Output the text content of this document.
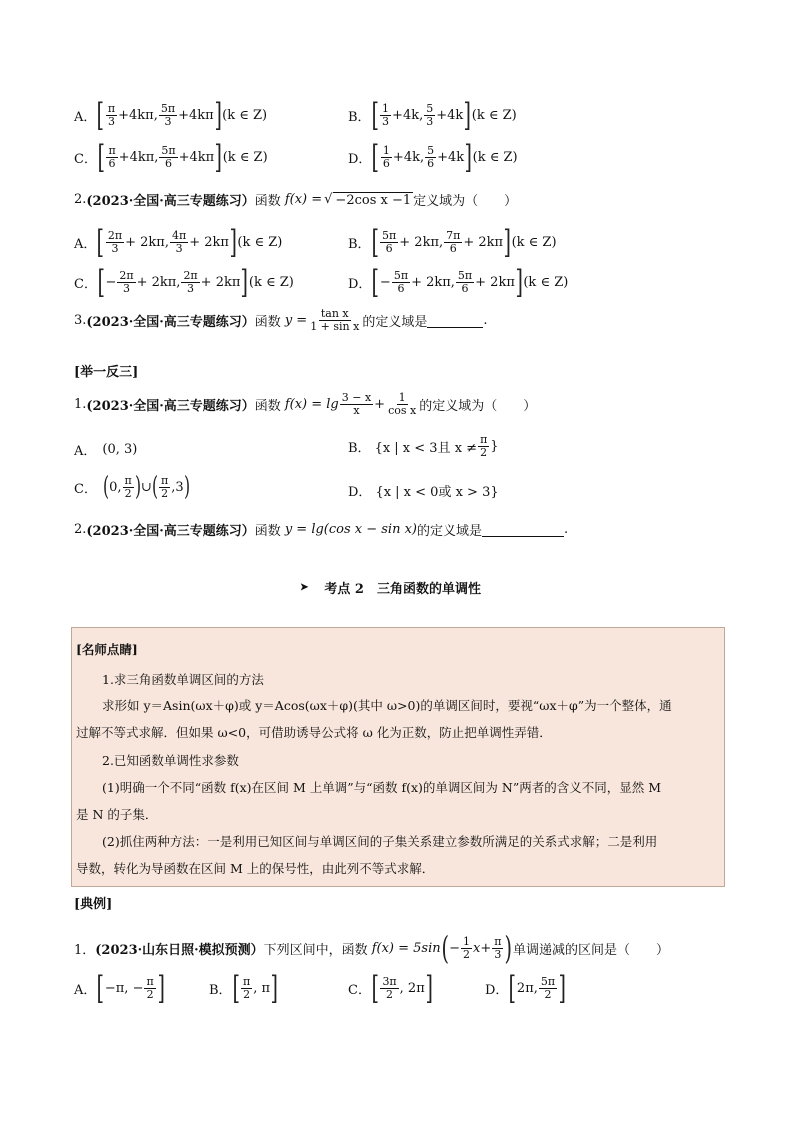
A． [ $\frac{\pi}{3} +4k\pi$, $\frac{5\pi}{3} +4k\pi$ ] (k ∈ Z)	B． [ $\frac{1}{3} +4k$, $\frac{5}{3} +4k$ ] (k ∈ Z)
C． [ $\frac{\pi}{6} +4k\pi$, $\frac{5\pi}{6} +4k\pi$ ] (k ∈ Z)	D． [ $\frac{1}{6} +4k$, $\frac{5}{6} +4k$ ] (k ∈ Z)
2. (2023·全国·高三专题练习） 函数 f(x) = √ −2cos x −1 定义域为（　　）
A． [ $\frac{2\pi}{3} + 2k\pi$, $\frac{4\pi}{3} + 2k\pi$ ] (k ∈ Z)	B． [ $\frac{5\pi}{6} + 2k\pi$, $\frac{7\pi}{6} + 2k\pi$ ] (k ∈ Z)
C． [ − $\frac{2\pi}{3} + 2k\pi$, $\frac{2\pi}{3} + 2k\pi$ ] (k ∈ Z)	D． [ − $\frac{5\pi}{6} + 2k\pi$, $\frac{5\pi}{6} + 2k\pi$ ] (k ∈ Z)
3. (2023·全国·高三专题练习） 函数 $y = \frac{\text{tan x}}{\text{1 + sin x}}$ 的定义域是	.
[举一反三]
1. (2023·全国·高三专题练习） 函数 $f(x) = \lg \frac{3 - x}{x} + \frac{1}{\text{cos x}}$ 的定义域为（　　）
A． (0, 3)	B． {x | x < 3且 $x \ne \frac{\pi}{2}$ }
C． ( 0, $\frac{\pi}{2}$ ) ∪ ( $\frac{\pi}{2} ,3$ )	D． {x | x < 0或 x > 3}
2. (2023·全国·高三专题练习） 函数 y = lg(cos x − sin x) 的定义域是	.
➤ 考点 2　三角函数的单调性
[名师点睛]
1.求三角函数单调区间的方法
求形如 y＝Asin(ωx＋φ)或 y＝Acos(ωx＋φ)(其中 ω>0)的单调区间时，要视“ωx＋φ”为一个整体，通
过解不等式求解．但如果 ω<0，可借助诱导公式将 ω 化为正数，防止把单调性弄错．
2.已知函数单调性求参数
(1)明确一个不同“函数 f(x)在区间 M 上单调”与“函数 f(x)的单调区间为 N”两者的含义不同，显然 M
是 N 的子集．
(2)抓住两种方法：一是利用已知区间与单调区间的子集关系建立参数所满足的关系式求解；二是利用
导数，转化为导函数在区间 M 上的保号性，由此列不等式求解．
[典例]
1． (2023·山东日照·模拟预测） 下列区间中，函数 f(x) = 5sin ( − $\frac{1}{2}$ $x + \frac{\pi}{3}$ ) 单调递减的区间是（　　）
A． [ −π, − $\frac{\pi}{2}$ ]	B． [ $\frac{\pi}{2}$ , π ]	C． [ $\frac{3\pi}{2}$ , 2π ]	D． [ 2π, $\frac{5\pi}{2}$ ]
